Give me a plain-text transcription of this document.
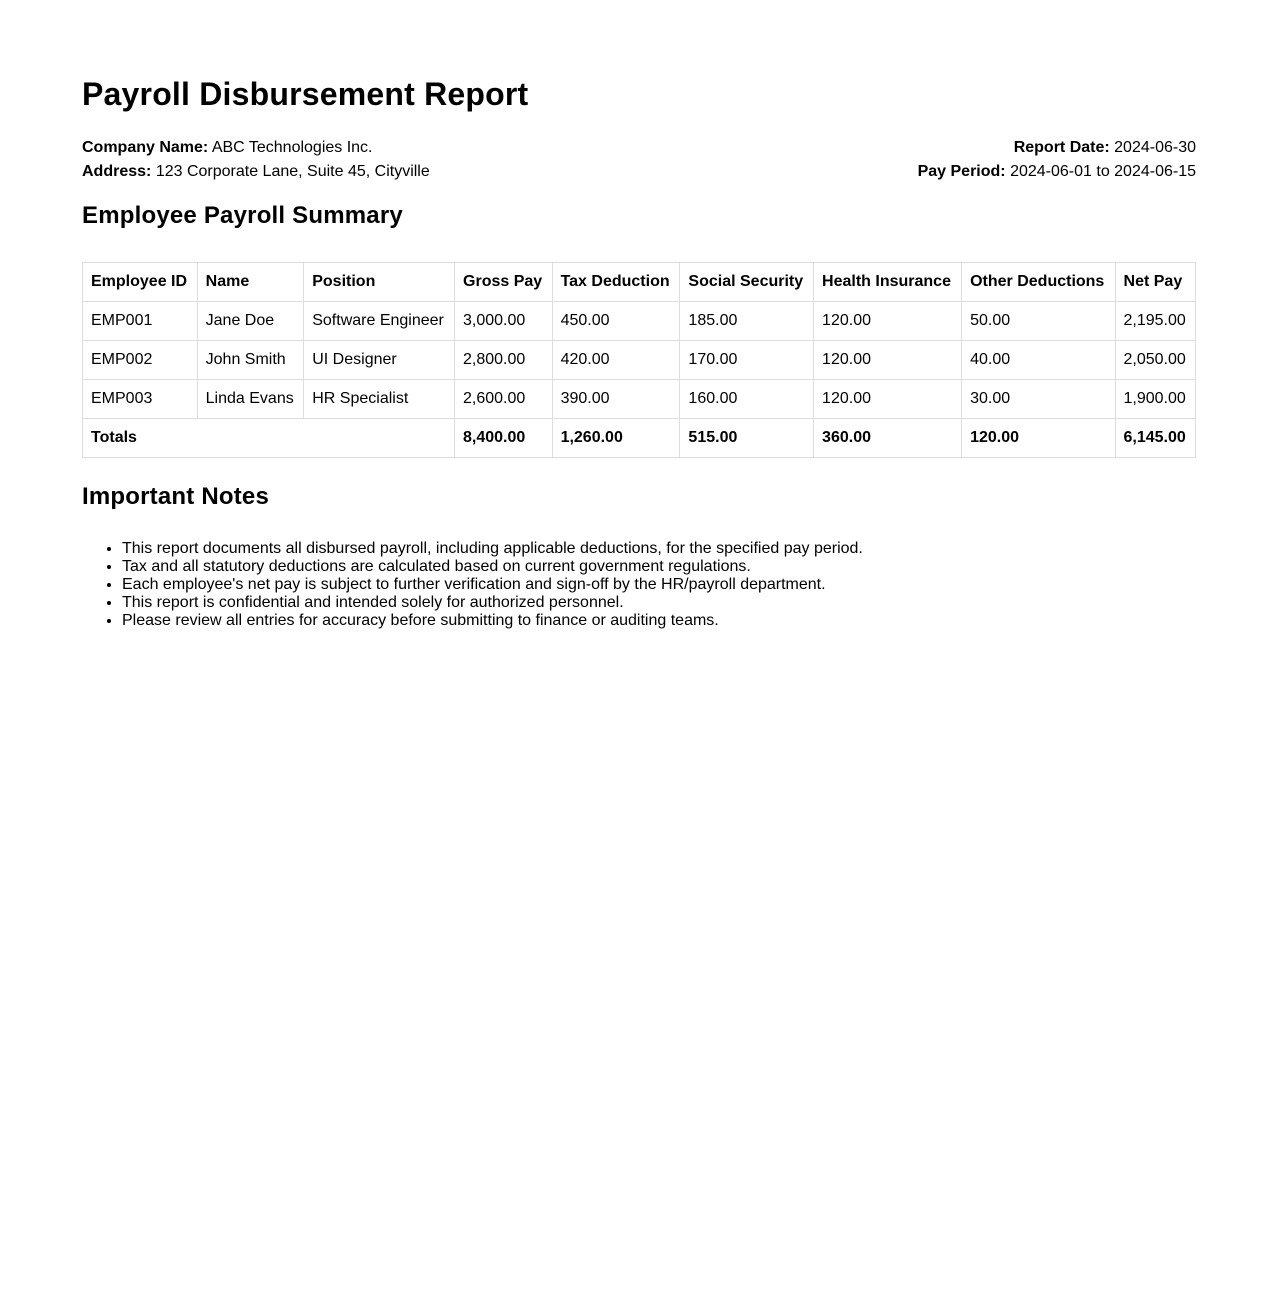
Payroll Disbursement Report
Company Name: ABC Technologies Inc.
Address: 123 Corporate Lane, Suite 45, Cityville
Report Date: 2024-06-30
Pay Period: 2024-06-01 to 2024-06-15
Employee Payroll Summary
Employee ID	Name	Position	Gross Pay	Tax Deduction	Social Security	Health Insurance	Other Deductions	Net Pay
EMP001	Jane Doe	Software Engineer	3,000.00	450.00	185.00	120.00	50.00	2,195.00
EMP002	John Smith	UI Designer	2,800.00	420.00	170.00	120.00	40.00	2,050.00
EMP003	Linda Evans	HR Specialist	2,600.00	390.00	160.00	120.00	30.00	1,900.00
Totals			8,400.00	1,260.00	515.00	360.00	120.00	6,145.00
Important Notes
• This report documents all disbursed payroll, including applicable deductions, for the specified pay period.
• Tax and all statutory deductions are calculated based on current government regulations.
• Each employee's net pay is subject to further verification and sign-off by the HR/payroll department.
• This report is confidential and intended solely for authorized personnel.
• Please review all entries for accuracy before submitting to finance or auditing teams.
